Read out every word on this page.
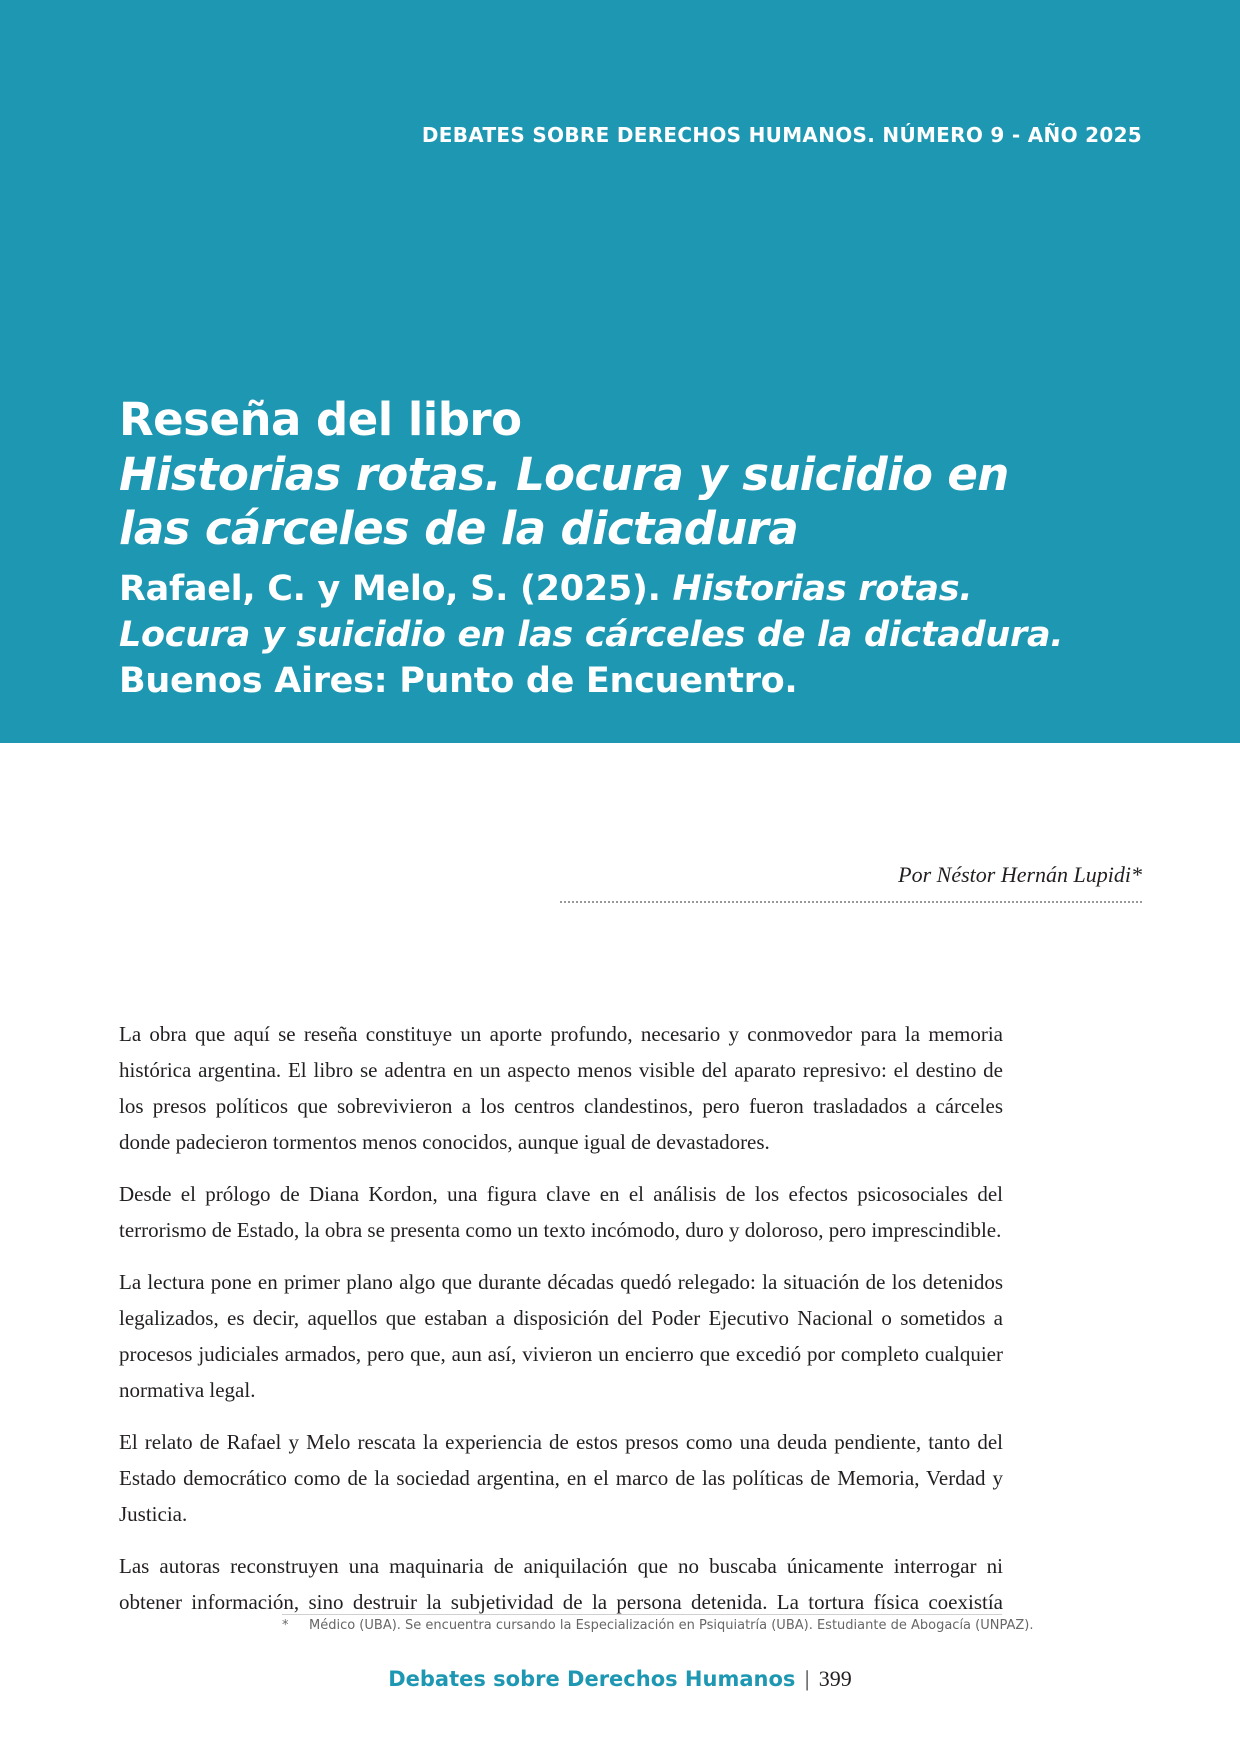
DEBATES SOBRE DERECHOS HUMANOS. NÚMERO 9 - AÑO 2025
Reseña del libro
Historias rotas. Locura y suicidio en
las cárceles de la dictadura
Rafael, C. y Melo, S. (2025). Historias rotas.
Locura y suicidio en las cárceles de la dictadura.
Buenos Aires: Punto de Encuentro.
Por Néstor Hernán Lupidi*

La obra que aquí se reseña constituye un aporte profundo, necesario y conmovedor para la memoria histórica argentina. El libro se adentra en un aspecto menos visible del aparato represivo: el destino de los presos políticos que sobrevivieron a los centros clandestinos, pero fueron trasladados a cárceles donde padecieron tormentos menos conocidos, aunque igual de devastadores.

Desde el prólogo de Diana Kordon, una figura clave en el análisis de los efectos psicosociales del terrorismo de Estado, la obra se presenta como un texto incómodo, duro y doloroso, pero imprescindible.

La lectura pone en primer plano algo que durante décadas quedó relegado: la situación de los detenidos legalizados, es decir, aquellos que estaban a disposición del Poder Ejecutivo Nacional o sometidos a procesos judiciales armados, pero que, aun así, vivieron un encierro que excedió por completo cualquier normativa legal.

El relato de Rafael y Melo rescata la experiencia de estos presos como una deuda pendiente, tanto del Estado democrático como de la sociedad argentina, en el marco de las políticas de Memoria, Verdad y Justicia.

Las autoras reconstruyen una maquinaria de aniquilación que no buscaba únicamente interrogar ni obtener información, sino destruir la subjetividad de la persona detenida. La tortura física coexistía

* Médico (UBA). Se encuentra cursando la Especialización en Psiquiatría (UBA). Estudiante de Abogacía (UNPAZ).
Debates sobre Derechos Humanos | 399
